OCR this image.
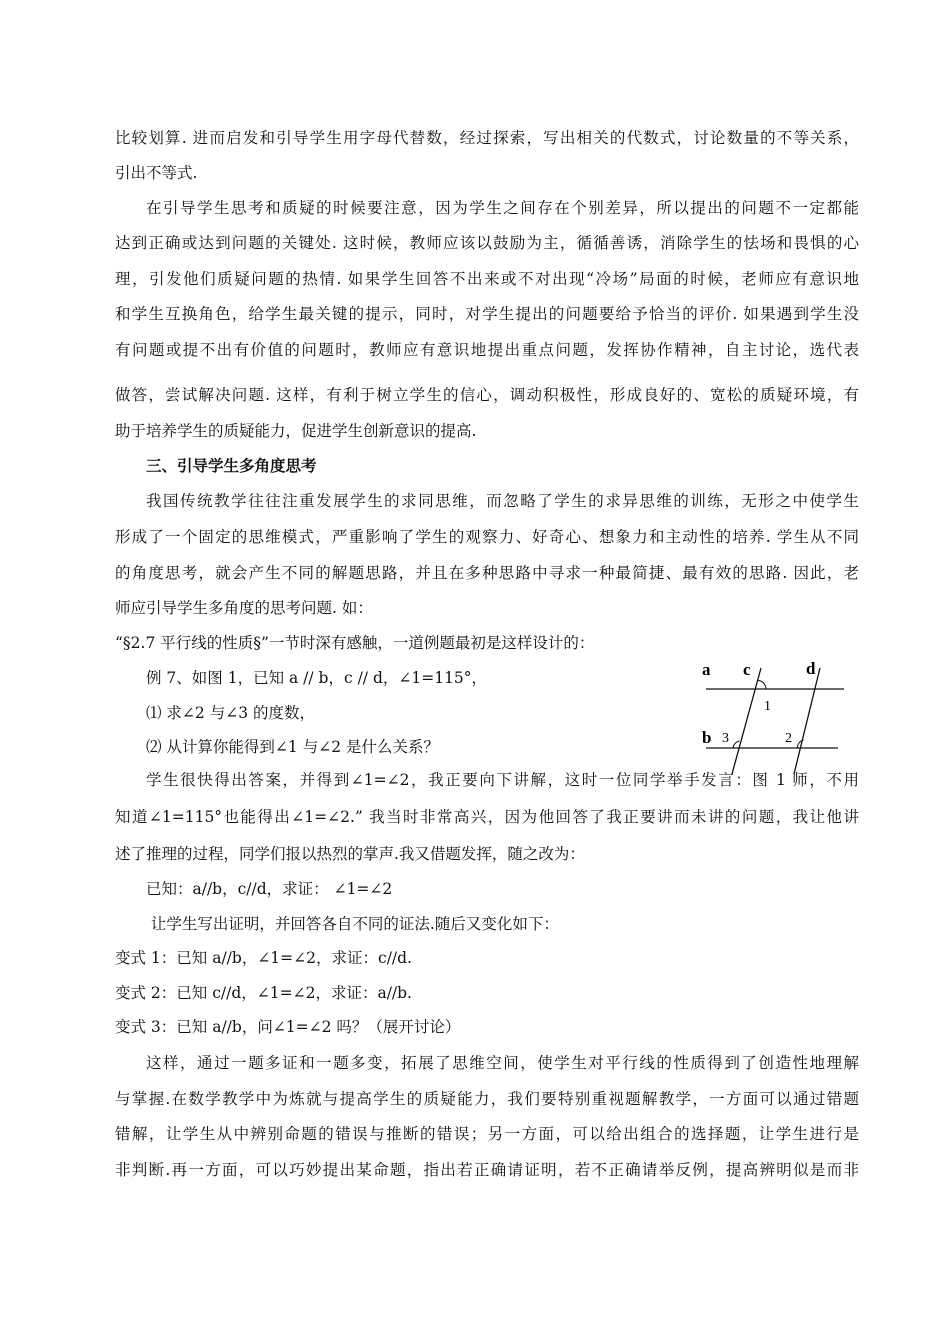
比较划算. 进而启发和引导学生用字母代替数，经过探索，写出相关的代数式，讨论数量的不等关系，
引出不等式.
在引导学生思考和质疑的时候要注意，因为学生之间存在个别差异，所以提出的问题不一定都能
达到正确或达到问题的关键处. 这时候，教师应该以鼓励为主，循循善诱，消除学生的怯场和畏惧的心
理，引发他们质疑问题的热情. 如果学生回答不出来或不对出现“冷场”局面的时候，老师应有意识地
和学生互换角色，给学生最关键的提示，同时，对学生提出的问题要给予恰当的评价. 如果遇到学生没
有问题或提不出有价值的问题时，教师应有意识地提出重点问题，发挥协作精神，自主讨论，选代表
做答，尝试解决问题. 这样，有利于树立学生的信心，调动积极性，形成良好的、宽松的质疑环境，有
助于培养学生的质疑能力，促进学生创新意识的提高.
三、引导学生多角度思考
我国传统教学往往注重发展学生的求同思维，而忽略了学生的求异思维的训练，无形之中使学生
形成了一个固定的思维模式，严重影响了学生的观察力、好奇心、想象力和主动性的培养. 学生从不同
的角度思考，就会产生不同的解题思路，并且在多种思路中寻求一种最简捷、最有效的思路. 因此，老
师应引导学生多角度的思考问题. 如：
“§2.7 平行线的性质§”一节时深有感触，一道例题最初是这样设计的：
例 7、如图 1，已知 a // b，c // d，∠1=115°，
⑴ 求∠2 与∠3 的度数，
⑵ 从计算你能得到∠1 与∠2 是什么关系？
学生很快得出答案，并得到∠1=∠2，我正要向下讲解，这时一位同学举手发言：图 1 师，不用
知道∠1=115°也能得出∠1=∠2.” 我当时非常高兴，因为他回答了我正要讲而未讲的问题，我让他讲
述了推理的过程，同学们报以热烈的掌声.我又借题发挥，随之改为：
已知：a//b，c//d，求证： ∠1=∠2
让学生写出证明，并回答各自不同的证法.随后又变化如下：
变式 1：已知 a//b，∠1=∠2，求证：c//d.
变式 2：已知 c//d，∠1=∠2，求证：a//b.
变式 3：已知 a//b，问∠1=∠2 吗？（展开讨论）
这样，通过一题多证和一题多变，拓展了思维空间，使学生对平行线的性质得到了创造性地理解
与掌握.在数学教学中为炼就与提高学生的质疑能力，我们要特别重视题解教学，一方面可以通过错题
错解，让学生从中辨别命题的错误与推断的错误；另一方面，可以给出组合的选择题，让学生进行是
非判断.再一方面，可以巧妙提出某命题，指出若正确请证明，若不正确请举反例，提高辨明似是而非
a c	d
b
1
2
3
